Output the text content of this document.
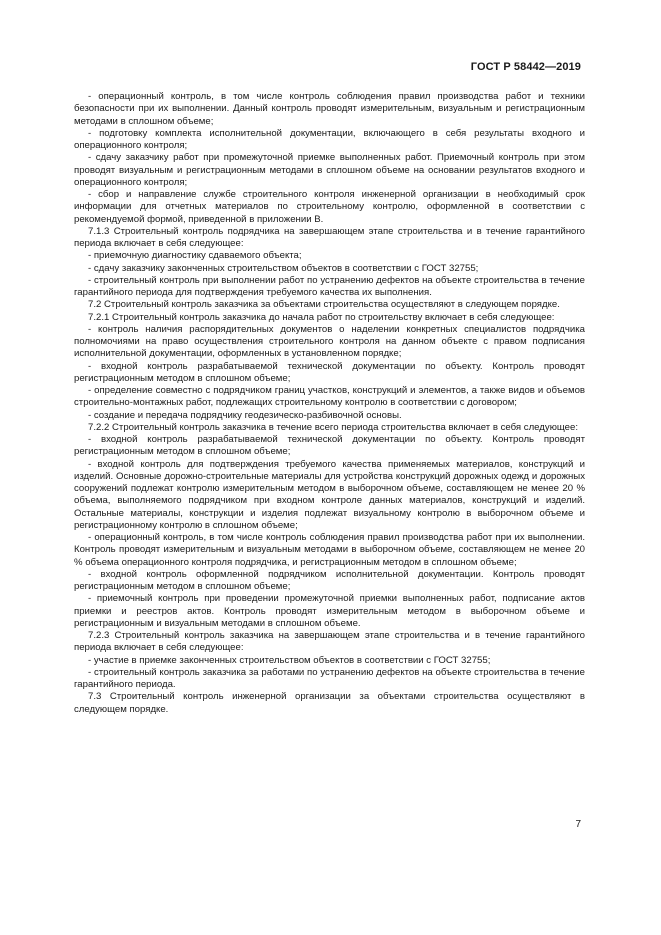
ГОСТ Р 58442—2019

- операционный контроль, в том числе контроль соблюдения правил производства работ и техники безопасности при их выполнении. Данный контроль проводят измерительным, визуальным и регистрационным методами в сплошном объеме;

- подготовку комплекта исполнительной документации, включающего в себя результаты входного и операционного контроля;

- сдачу заказчику работ при промежуточной приемке выполненных работ. Приемочный контроль при этом проводят визуальным и регистрационным методами в сплошном объеме на основании результатов входного и операционного контроля;

- сбор и направление службе строительного контроля инженерной организации в необходимый срок информации для отчетных материалов по строительному контролю, оформленной в соответствии с рекомендуемой формой, приведенной в приложении В.

7.1.3 Строительный контроль подрядчика на завершающем этапе строительства и в течение гарантийного периода включает в себя следующее:

- приемочную диагностику сдаваемого объекта;

- сдачу заказчику законченных строительством объектов в соответствии с ГОСТ 32755;

- строительный контроль при выполнении работ по устранению дефектов на объекте строительства в течение гарантийного периода для подтверждения требуемого качества их выполнения.

7.2 Строительный контроль заказчика за объектами строительства осуществляют в следующем порядке.

7.2.1 Строительный контроль заказчика до начала работ по строительству включает в себя следующее:

- контроль наличия распорядительных документов о наделении конкретных специалистов подрядчика полномочиями на право осуществления строительного контроля на данном объекте с правом подписания исполнительной документации, оформленных в установленном порядке;

- входной контроль разрабатываемой технической документации по объекту. Контроль проводят регистрационным методом в сплошном объеме;

- определение совместно с подрядчиком границ участков, конструкций и элементов, а также видов и объемов строительно-монтажных работ, подлежащих строительному контролю в соответствии с договором;

- создание и передача подрядчику геодезическо-разбивочной основы.

7.2.2 Строительный контроль заказчика в течение всего периода строительства включает в себя следующее:

- входной контроль разрабатываемой технической документации по объекту. Контроль проводят регистрационным методом в сплошном объеме;

- входной контроль для подтверждения требуемого качества применяемых материалов, конструкций и изделий. Основные дорожно-строительные материалы для устройства конструкций дорожных одежд и дорожных сооружений подлежат контролю измерительным методом в выборочном объеме, составляющем не менее 20 % объема, выполняемого подрядчиком при входном контроле данных материалов, конструкций и изделий. Остальные материалы, конструкции и изделия подлежат визуальному контролю в выборочном объеме и регистрационному контролю в сплошном объеме;

- операционный контроль, в том числе контроль соблюдения правил производства работ при их выполнении. Контроль проводят измерительным и визуальным методами в выборочном объеме, составляющем не менее 20 % объема операционного контроля подрядчика, и регистрационным методом в сплошном объеме;

- входной контроль оформленной подрядчиком исполнительной документации. Контроль проводят регистрационным методом в сплошном объеме;

- приемочный контроль при проведении промежуточной приемки выполненных работ, подписание актов приемки и реестров актов. Контроль проводят измерительным методом в выборочном объеме и регистрационным и визуальным методами в сплошном объеме.

7.2.3 Строительный контроль заказчика на завершающем этапе строительства и в течение гарантийного периода включает в себя следующее:

- участие в приемке законченных строительством объектов в соответствии с ГОСТ 32755;

- строительный контроль заказчика за работами по устранению дефектов на объекте строительства в течение гарантийного периода.

7.3 Строительный контроль инженерной организации за объектами строительства осуществляют в следующем порядке.

7
